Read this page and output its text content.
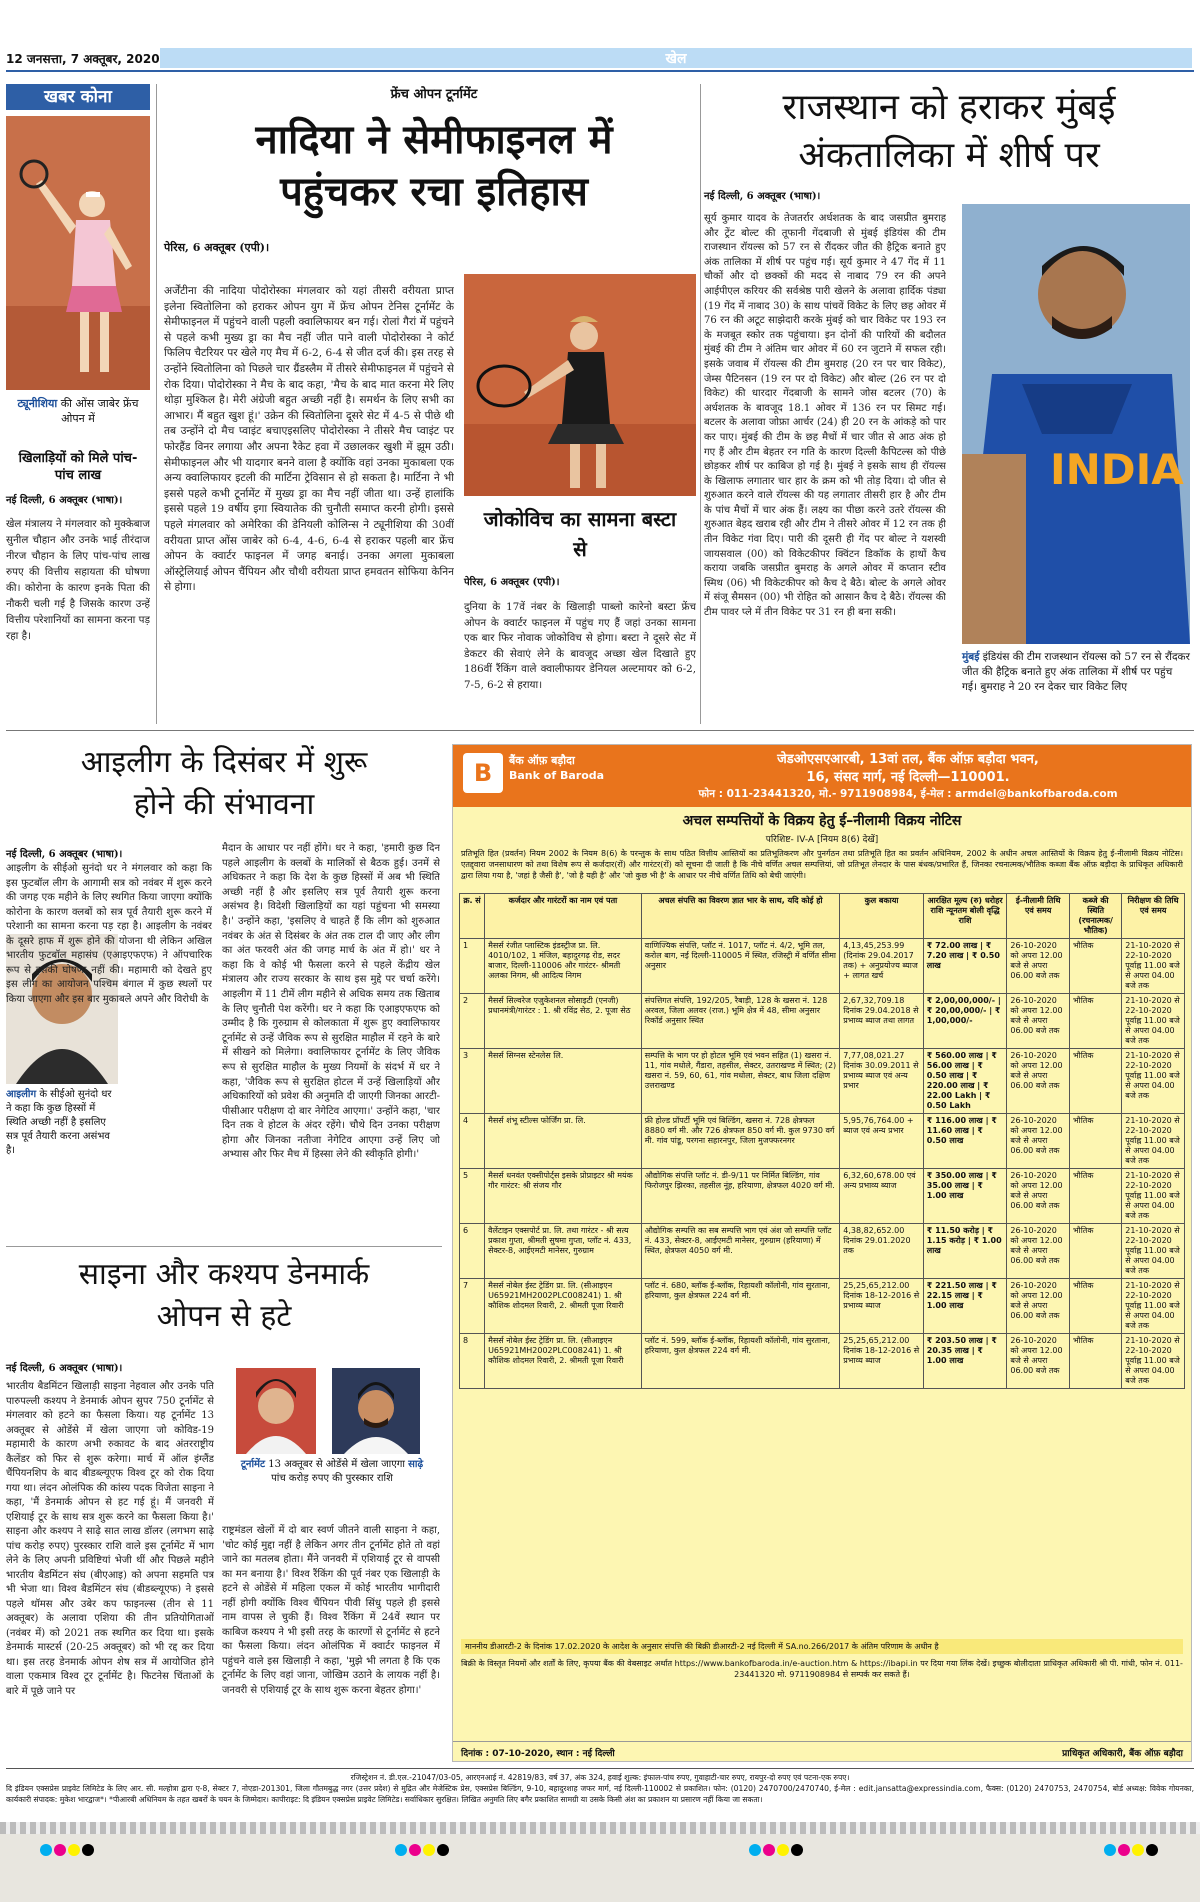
12 जनसत्ता, 7 अक्तूबर, 2020	खेल
खबर कोना
ट्यूनीशिया की ओंस जाबेर फ्रेंच ओपन में
खिलाड़ियों को मिले पांच-पांच लाख
नई दिल्ली, 6 अक्तूबर (भाषा)।
खेल मंत्रालय ने मंगलवार को मुक्केबाज सुनील चौहान और उनके भाई तीरंदाज नीरज चौहान के लिए पांच-पांच लाख रुपए की वित्तीय सहायता की घोषणा की। कोरोना के कारण इनके पिता की नौकरी चली गई है जिसके कारण उन्हें वित्तीय परेशानियों का सामना करना पड़ रहा है।
फ्रेंच ओपन टूर्नामेंट
नादिया ने सेमीफाइनल में
पहुंचकर रचा इतिहास
पेरिस, 6 अक्तूबर (एपी)।
अर्जेंटीना की नादिया पोदोरोस्का मंगलवार को यहां तीसरी वरीयता प्राप्त इलेना स्वितोलिना को हराकर ओपन युग में फ्रेंच ओपन टेनिस टूर्नामेंट के सेमीफाइनल में पहुंचने वाली पहली क्वालिफायर बन गई। रोलां गैरां में पहुंचने से पहले कभी मुख्य ड्रा का मैच नहीं जीत पाने वाली पोदोरोस्का ने कोर्ट फिलिप चैटरियर पर खेले गए मैच में 6-2, 6-4 से जीत दर्ज की। इस तरह से उन्होंने स्वितोलिना को पिछले चार ग्रैंडस्लैम में तीसरे सेमीफाइनल में पहुंचने से रोक दिया। पोदोरोस्का ने मैच के बाद कहा, 'मैच के बाद मात करना मेरे लिए थोड़ा मुश्किल है। मेरी अंग्रेजी बहुत अच्छी नहीं है। समर्थन के लिए सभी का आभार। मैं बहुत खुश हूं।' उक्रेन की स्वितोलिना दूसरे सेट में 4-5 से पीछे थी तब उन्होंने दो मैच प्वाइंट बचाएइसलिए पोदोरोस्का ने तीसरे मैच प्वाइंट पर फोरहैंड विनर लगाया और अपना रैकेट हवा में उछालकर खुशी में झूम उठी। सेमीफाइनल और भी यादगार बनने वाला है क्योंकि वहां उनका मुकाबला एक अन्य क्वालिफायर इटली की मार्टिना ट्रेविसान से हो सकता है। मार्टिना ने भी इससे पहले कभी टूर्नामेंट में मुख्य ड्रा का मैच नहीं जीता था। उन्हें हालांकि इससे पहले 19 वर्षीय इगा स्वियातेक की चुनौती समाप्त करनी होगी। इससे पहले मंगलवार को अमेरिका की डेनियली कोलिन्स ने ट्यूनीशिया की 30वीं वरीयता प्राप्त ओंस जाबेर को 6-4, 4-6, 6-4 से हराकर पहली बार फ्रेंच ओपन के क्वार्टर फाइनल में जगह बनाई। उनका अगला मुकाबला ऑस्ट्रेलियाई ओपन चैंपियन और चौथी वरीयता प्राप्त हमवतन सोफिया केनिन से होगा।
जोकोविच का सामना बस्टा से
पेरिस, 6 अक्तूबर (एपी)।
दुनिया के 17वें नंबर के खिलाड़ी पाब्लो कारेनो बस्टा फ्रेंच ओपन के क्वार्टर फाइनल में पहुंच गए हैं जहां उनका सामना एक बार फिर नोवाक जोकोविच से होगा। बस्टा ने दूसरे सेट में डेकटर की सेवाएं लेने के बावजूद अच्छा खेल दिखाते हुए 186वीं रैंकिंग वाले क्वालीफायर डेनियल अल्टमायर को 6-2, 7-5, 6-2 से हराया।
राजस्थान को हराकर मुंबई
अंकतालिका में शीर्ष पर
नई दिल्ली, 6 अक्तूबर (भाषा)।
सूर्य कुमार यादव के तेजतर्रार अर्धशतक के बाद जसप्रीत बुमराह और ट्रेंट बोल्ट की तूफानी गेंदबाजी से मुंबई इंडियंस की टीम राजस्थान रॉयल्स को 57 रन से रौंदकर जीत की हैट्रिक बनाते हुए अंक तालिका में शीर्ष पर पहुंच गई। सूर्य कुमार ने 47 गेंद में 11 चौकों और दो छक्कों की मदद से नाबाद 79 रन की अपने आईपीएल करियर की सर्वश्रेष्ठ पारी खेलने के अलावा हार्दिक पंड्या (19 गेंद में नाबाद 30) के साथ पांचवें विकेट के लिए छह ओवर में 76 रन की अटूट साझेदारी करके मुंबई को चार विकेट पर 193 रन के मजबूत स्कोर तक पहुंचाया। इन दोनों की पारियों की बदौलत मुंबई की टीम ने अंतिम चार ओवर में 60 रन जुटाने में सफल रही। इसके जवाब में रॉयल्स की टीम बुमराह (20 रन पर चार विकेट), जेम्स पैटिनसन (19 रन पर दो विकेट) और बोल्ट (26 रन पर दो विकेट) की धारदार गेंदबाजी के सामने जोस बटलर (70) के अर्धशतक के बावजूद 18.1 ओवर में 136 रन पर सिमट गई। बटलर के अलावा जोफ्रा आर्चर (24) ही 20 रन के आंकड़े को पार कर पाए। मुंबई की टीम के छह मैचों में चार जीत से आठ अंक हो गए हैं और टीम बेहतर रन गति के कारण दिल्ली कैपिटल्स को पीछे छोड़कर शीर्ष पर काबिज हो गई है। मुंबई ने इसके साथ ही रॉयल्स के खिलाफ लगातार चार हार के क्रम को भी तोड़ दिया। दो जीत से शुरुआत करने वाले रॉयल्स की यह लगातार तीसरी हार है और टीम के पांच मैचों में चार अंक हैं। लक्ष्य का पीछा करने उतरे रॉयल्स की शुरुआत बेहद खराब रही और टीम ने तीसरे ओवर में 12 रन तक ही तीन विकेट गंवा दिए। पारी की दूसरी ही गेंद पर बोल्ट ने यशस्वी जायसवाल (00) को विकेटकीपर क्विंटन डिकॉक के हाथों कैच कराया जबकि जसप्रीत बुमराह के अगले ओवर में कप्तान स्टीव स्मिथ (06) भी विकेटकीपर को कैच दे बैठे। बोल्ट के अगले ओवर में संजू सैमसन (00) भी रोहित को आसान कैच दे बैठे। रॉयल्स की टीम पावर प्ले में तीन विकेट पर 31 रन ही बना सकी।
INDIA
मुंबई इंडियंस की टीम राजस्थान रॉयल्स को 57 रन से रौंदकर जीत की हैट्रिक बनाते हुए अंक तालिका में शीर्ष पर पहुंच गई। बुमराह ने 20 रन देकर चार विकेट लिए
आइलीग के दिसंबर में शुरू
होने की संभावना
नई दिल्ली, 6 अक्तूबर (भाषा)।
आइलीग के सीईओ सुनंदो धर ने कहा कि कुछ हिस्सों में स्थिति अच्छी नहीं है इसलिए सत्र पूर्व तैयारी करना असंभव है।
आइलीग के सीईओ सुनंदो धर ने मंगलवार को कहा कि इस फुटबॉल लीग के आगामी सत्र को नवंबर में शुरू करने की जगह एक महीने के लिए स्थगित किया जाएगा क्योंकि कोरोना के कारण क्लबों को सत्र पूर्व तैयारी शुरू करने में परेशानी का सामना करना पड़ रहा है। आइलीग के नवंबर के दूसरे हाफ में शुरू होने की योजना थी लेकिन अखिल भारतीय फुटबॉल महासंघ (एआइएफएफ) ने ऑपचारिक रूप से इसकी घोषणा नहीं की। महामारी को देखते हुए इस लीग का आयोजन पश्चिम बंगाल में कुछ स्थलों पर किया जाएगा और इस बार मुकाबले अपने और विरोधी के
मैदान के आधार पर नहीं होंगे। धर ने कहा, 'हमारी कुछ दिन पहले आइलीग के क्लबों के मालिकों से बैठक हुई। उनमें से अधिकतर ने कहा कि देश के कुछ हिस्सों में अब भी स्थिति अच्छी नहीं है और इसलिए सत्र पूर्व तैयारी शुरू करना असंभव है। विदेशी खिलाड़ियों का यहां पहुंचना भी समस्या है।' उन्होंने कहा, 'इसलिए वे चाहते हैं कि लीग को शुरुआत नवंबर के अंत से दिसंबर के अंत तक टाल दी जाए और लीग का अंत फरवरी अंत की जगह मार्च के अंत में हो।' धर ने कहा कि वे कोई भी फैसला करने से पहले केंद्रीय खेल मंत्रालय और राज्य सरकार के साथ इस मुद्दे पर चर्चा करेंगे। आइलीग में 11 टीमें लीग महीने से अधिक समय तक खिताब के लिए चुनौती पेश करेंगी। धर ने कहा कि एआइएफएफ को उम्मीद है कि गुरुग्राम से कोलकाता में शुरू हुए क्वालिफायर टूर्नामेंट से उन्हें जैविक रूप से सुरक्षित माहौल में रहने के बारे में सीखने को मिलेगा। क्वालिफायर टूर्नामेंट के लिए जैविक रूप से सुरक्षित माहौल के मुख्य नियमों के संदर्भ में धर ने कहा, 'जैविक रूप से सुरक्षित होटल में उन्हें खिलाड़ियों और अधिकारियों को प्रवेश की अनुमति दी जाएगी जिनका आरटी-पीसीआर परीक्षण दो बार नेगेटिव आएगा।' उन्होंने कहा, 'चार दिन तक वे होटल के अंदर रहेंगे। चौथे दिन उनका परीक्षण होगा और जिनका नतीजा नेगेटिव आएगा उन्हें लिए जो अभ्यास और फिर मैच में हिस्सा लेने की स्वीकृति होगी।'
साइना और कश्यप डेनमार्क
ओपन से हटे
नई दिल्ली, 6 अक्तूबर (भाषा)।
भारतीय बैडमिंटन खिलाड़ी साइना नेहवाल और उनके पति पारुपल्ली कश्यप ने डेनमार्क ओपन सुपर 750 टूर्नामेंट से मंगलवार को हटने का फैसला किया। यह टूर्नामेंट 13 अक्तूबर से ओडेंसे में खेला जाएगा जो कोविड-19 महामारी के कारण अभी रुकावट के बाद अंतरराष्ट्रीय कैलेंडर को फिर से शुरू करेगा। मार्च में ऑल इंग्लैंड चैंपियनशिप के बाद बीडब्ल्यूएफ विश्व टूर को रोक दिया गया था। लंदन ओलंपिक की कांस्य पदक विजेता साइना ने कहा, 'मैं डेनमार्क ओपन से हट गई हूं। मैं जनवरी में एशियाई टूर के साथ सत्र शुरू करने का फैसला किया है।' साइना और कश्यप ने साढ़े सात लाख डॉलर (लगभग साढ़े पांच करोड़ रुपए) पुरस्कार राशि वाले इस टूर्नामेंट में भाग लेने के लिए अपनी प्रविष्टियां भेजी थीं और पिछले महीने भारतीय बैडमिंटन संघ (बीएआइ) को अपना सहमति पत्र भी भेजा था। विश्व बैडमिंटन संघ (बीडब्ल्यूएफ) ने इससे पहले थॉमस और उबेर कप फाइनल्स (तीन से 11 अक्तूबर) के अलावा एशिया की तीन प्रतियोगिताओं (नवंबर में) को 2021 तक स्थगित कर दिया था। इसके डेनमार्क मास्टर्स (20-25 अक्तूबर) को भी रद्द कर दिया था। इस तरह डेनमार्क ओपन शेष सत्र में आयोजित होने वाला एकमात्र विश्व टूर टूर्नामेंट है। फिटनेस चिंताओं के बारे में पूछे जाने पर
टूर्नामेंट 13 अक्तूबर से ओडेंसे में खेला जाएगा साढ़े पांच करोड़ रुपए की पुरस्कार राशि
राष्ट्रमंडल खेलों में दो बार स्वर्ण जीतने वाली साइना ने कहा, 'चोट कोई मुद्दा नहीं है लेकिन अगर तीन टूर्नामेंट होते तो वहां जाने का मतलब होता। मैंने जनवरी में एशियाई टूर से वापसी का मन बनाया है।' विश्व रैंकिंग की पूर्व नंबर एक खिलाड़ी के हटने से ओडेंसे में महिला एकल में कोई भारतीय भागीदारी नहीं होगी क्योंकि विश्व चैंपियन पीवी सिंधु पहले ही इससे नाम वापस ले चुकी हैं। विश्व रैंकिंग में 24वें स्थान पर काबिज कश्यप ने भी इसी तरह के कारणों से टूर्नामेंट से हटने का फैसला किया। लंदन ओलंपिक में क्वार्टर फाइनल में पहुंचने वाले इस खिलाड़ी ने कहा, 'मुझे भी लगता है कि एक टूर्नामेंट के लिए वहां जाना, जोखिम उठाने के लायक नहीं है। जनवरी से एशियाई टूर के साथ शुरू करना बेहतर होगा।'
B	बैंक ऑफ़ बड़ौदा
Bank of Baroda
जेडओएसएआरबी, 13वां तल, बैंक ऑफ़ बड़ौदा भवन,
16, संसद मार्ग, नई दिल्ली—110001.
फोन : 011-23441320, मो.- 9711908984, ई-मेल : armdel@bankofbaroda.com
अचल सम्पत्तियों के विक्रय हेतु ई–नीलामी विक्रय नोटिस
परिशिष्ट- IV-A [नियम 8(6) देखें]
प्रतिभूति हित (प्रवर्तन) नियम 2002 के नियम 8(6) के परन्तुक के साथ पठित वित्तीय आस्तियों का प्रतिभूतिकरण और पुनर्गठन तथा प्रतिभूति हित का प्रवर्तन अधिनियम, 2002 के अधीन अचल आस्तियों के विक्रय हेतु ई-नीलामी विक्रय नोटिस। एतद्द्वारा जनसाधारण को तथा विशेष रूप से कर्जदार(रों) और गारंटर(रों) को सूचना दी जाती है कि नीचे वर्णित अचल सम्पत्तियां, जो प्रतिभूत लेनदार के पास बंधक/प्रभारित हैं, जिनका रचनात्मक/भौतिक कब्जा बैंक ऑफ़ बड़ौदा के प्राधिकृत अधिकारी द्वारा लिया गया है, 'जहां है जैसी है', 'जो है यही है' और 'जो कुछ भी है' के आधार पर नीचे वर्णित तिथि को बेची जाएंगी।
क्र. सं	कर्जदार और गारंटरों का नाम एवं पता	अचल संपत्ति का विवरण ज्ञात भार के साथ, यदि कोई हो	कुल बकाया	आरक्षित मूल्य (रु) धरोहर राशि न्यूनतम बोली वृद्धि राशि	ई-नीलामी तिथि एवं समय	कब्जे की स्थिति (रचनात्मक/भौतिक)	निरीक्षण की तिथि एवं समय
1	मैसर्स रंजीत प्लास्टिक इंडस्ट्रीज प्रा. लि. 4010/102, 1 मंजिल, बहादुरगढ़ रोड, सदर बाजार, दिल्ली-110006 और गारंटर- श्रीमती अलका निगम, श्री आदित्य निगम	वाणिज्यिक संपत्ति, प्लॉट नं. 1017, प्लॉट नं. 4/2, भूमि तल, करोल बाग, नई दिल्ली-110005 में स्थित, रजिस्ट्री में वर्णित सीमा अनुसार	4,13,45,253.99 (दिनांक 29.04.2017 तक) + अनुप्रयोज्य ब्याज + लागत खर्च	₹ 72.00 लाख | ₹ 7.20 लाख | ₹ 0.50 लाख	26-10-2020 को अपरा 12.00 बजे से अपरा 06.00 बजे तक	भौतिक	21-10-2020 से 22-10-2020 पूर्वाह्न 11.00 बजे से अपरा 04.00 बजे तक
2	मैसर्स सिल्वरेज एजुकेशनल सोसाइटी (एनजी) प्रधानमंत्री/गारंटर : 1. श्री रविंद्र सेठ, 2. पूजा सेठ	संपत्तिगत संपत्ति, 192/205, रैबाड़ी, 128 के खसरा नं. 128 अरवल, जिला अलवर (राज.) भूमि क्षेत्र में 48, सीमा अनुसार रिकॉर्ड अनुसार स्थित	2,67,32,709.18 दिनांक 29.04.2018 से प्रभाव्य ब्याज तथा लागत	₹ 2,00,00,000/- | ₹ 20,00,000/- | ₹ 1,00,000/-	26-10-2020 को अपरा 12.00 बजे से अपरा 06.00 बजे तक	भौतिक	21-10-2020 से 22-10-2020 पूर्वाह्न 11.00 बजे से अपरा 04.00 बजे तक
3	मैसर्स सिग्नस स्टेनलेस लि.	सम्पत्ति के भाग पर हो होटल भूमि एवं भवन सहित (1) खसरा नं. 11, गांव मधोले, गैंडारा, तहसील, सेक्टर, उतराखण्ड में स्थित; (2) खसरा नं. 59, 60, 61, गांव मधोला, सेक्टर, बाध जिला दक्षिण उत्तराखण्ड	7,77,08,021.27 दिनांक 30.09.2011 से प्रभाव्य ब्याज एवं अन्य प्रभार	₹ 560.00 लाख | ₹ 56.00 लाख | ₹ 0.50 लाख | ₹ 220.00 लाख | ₹ 22.00 Lakh | ₹ 0.50 Lakh	26-10-2020 को अपरा 12.00 बजे से अपरा 06.00 बजे तक	भौतिक	21-10-2020 से 22-10-2020 पूर्वाह्न 11.00 बजे से अपरा 04.00 बजे तक
4	मैसर्स शंभू स्टील्स फोर्जिंग प्रा. लि.	फ्री होल्ड प्रॉपर्टी भूमि एवं बिल्डिंग, खसरा नं. 728 क्षेत्रफल 8880 वर्ग मी. और 726 क्षेत्रफल 850 वर्ग मी. कुल 9730 वर्ग मी. गांव पांडू, परगना सहारनपुर, जिला मुजफ्फरनगर	5,95,76,764.00 + ब्याज एवं अन्य प्रभार	₹ 116.00 लाख | ₹ 11.60 लाख | ₹ 0.50 लाख	26-10-2020 को अपरा 12.00 बजे से अपरा 06.00 बजे तक	भौतिक	21-10-2020 से 22-10-2020 पूर्वाह्न 11.00 बजे से अपरा 04.00 बजे तक
5	मैसर्स धनवंत एक्सीपोर्ट्स इसके प्रोप्राइटर श्री मयंक गौर गारंटर: श्री संजय गौर	औद्योगिक संपत्ति प्लॉट नं. डी-9/11 पर निर्मित बिल्डिंग, गांव फिरोजपुर झिरका, तहसील नूंह, हरियाणा, क्षेत्रफल 4020 वर्ग मी.	6,32,60,678.00 एवं अन्य प्रभाव्य ब्याज	₹ 350.00 लाख | ₹ 35.00 लाख | ₹ 1.00 लाख	26-10-2020 को अपरा 12.00 बजे से अपरा 06.00 बजे तक	भौतिक	21-10-2020 से 22-10-2020 पूर्वाह्न 11.00 बजे से अपरा 04.00 बजे तक
6	वैलेंटाइन एक्सपोर्ट प्रा. लि. तथा गारंटर - श्री सत्य प्रकाश गुप्ता, श्रीमती सुषमा गुप्ता, प्लॉट नं. 433, सेक्टर-8, आईएमटी मानेसर, गुरुग्राम	औद्योगिक सम्पत्ति का सब सम्पत्ति भाग एवं अंश जो सम्पत्ति प्लॉट नं. 433, सेक्टर-8, आईएमटी मानेसर, गुरुग्राम (हरियाणा) में स्थित, क्षेत्रफल 4050 वर्ग मी.	4,38,82,652.00 दिनांक 29.01.2020 तक	₹ 11.50 करोड़ | ₹ 1.15 करोड़ | ₹ 1.00 लाख	26-10-2020 को अपरा 12.00 बजे से अपरा 06.00 बजे तक	भौतिक	21-10-2020 से 22-10-2020 पूर्वाह्न 11.00 बजे से अपरा 04.00 बजे तक
7	मैसर्स नोबेल ईस्ट ट्रेडिंग प्रा. लि. (सीआइएन U65921MH2002PLC008241) 1. श्री कौशिक शोदमल रिवारी, 2. श्रीमती पूजा रिवारी	प्लॉट नं. 680, ब्लॉक ई-ब्लॉक, रिहायशी कॉलोनी, गांव सुरताना, हरियाणा, कुल क्षेत्रफल 224 वर्ग मी.	25,25,65,212.00 दिनांक 18-12-2016 से प्रभाव्य ब्याज	₹ 221.50 लाख | ₹ 22.15 लाख | ₹ 1.00 लाख	26-10-2020 को अपरा 12.00 बजे से अपरा 06.00 बजे तक	भौतिक	21-10-2020 से 22-10-2020 पूर्वाह्न 11.00 बजे से अपरा 04.00 बजे तक
8	मैसर्स नोबेल ईस्ट ट्रेडिंग प्रा. लि. (सीआइएन U65921MH2002PLC008241) 1. श्री कौशिक शोदमल रिवारी, 2. श्रीमती पूजा रिवारी	प्लॉट नं. 599, ब्लॉक ई-ब्लॉक, रिहायशी कॉलोनी, गांव सुरताना, हरियाणा, कुल क्षेत्रफल 224 वर्ग मी.	25,25,65,212.00 दिनांक 18-12-2016 से प्रभाव्य ब्याज	₹ 203.50 लाख | ₹ 20.35 लाख | ₹ 1.00 लाख	26-10-2020 को अपरा 12.00 बजे से अपरा 06.00 बजे तक	भौतिक	21-10-2020 से 22-10-2020 पूर्वाह्न 11.00 बजे से अपरा 04.00 बजे तक
माननीय डीआरटी-2 के दिनांक 17.02.2020 के आदेश के अनुसार संपत्ति की बिक्री डीआरटी-2 नई दिल्ली में SA.no.266/2017 के अंतिम परिणाम के अधीन है
बिक्री के विस्तृत नियमों और शर्तों के लिए, कृपया बैंक की वेबसाइट अर्थात https://www.bankofbaroda.in/e-auction.htm & https://ibapi.in पर दिया गया लिंक देखें। इच्छुक बोलीदाता प्राधिकृत अधिकारी श्री पी. गांधी, फोन नं. 011-23441320 मो. 9711908984 से सम्पर्क कर सकते हैं।
दिनांक : 07-10-2020, स्थान : नई दिल्ली	प्राधिकृत अधिकारी, बैंक ऑफ़ बड़ौदा
रजिस्ट्रेशन नं. डी.एल.-21047/03-05, आरएनआई नं. 42819/83, वर्ष 37, अंक 324, हवाई शुल्क: इंफाल-पांच रुपए, गुवाहाटी-चार रुपए, रायपुर-दो रुपए एवं पटना-एक रुपए।
दि इंडियन एक्सप्रेस प्राइवेट लिमिटेड के लिए आर. सी. मल्होत्रा द्वारा ए-8, सेक्टर 7, नोएडा-201301, जिला गौतमबुद्ध नगर (उत्तर प्रदेश) से मुद्रित और मेजेस्टिक प्रेस, एक्सप्रेस बिल्डिंग, 9-10, बहादुरशाह जफर मार्ग, नई दिल्ली-110002 से प्रकाशित। फोन: (0120) 2470700/2470740, ई-मेल : edit.jansatta@expressindia.com, फैक्स: (0120) 2470753, 2470754, बोर्ड अध्यक्ष: विवेक गोयनका, कार्यकारी संपादक: मुकेश भारद्वाज*। *पीआरबी अधिनियम के तहत खबरों के चयन के जिम्मेदार। कापीराइट: दि इंडियन एक्सप्रेस प्राइवेट लिमिटेड। सर्वाधिकार सुरक्षित। लिखित अनुमति लिए बगैर प्रकाशित सामग्री या उसके किसी अंश का प्रकाशन या प्रसारण नहीं किया जा सकता।
